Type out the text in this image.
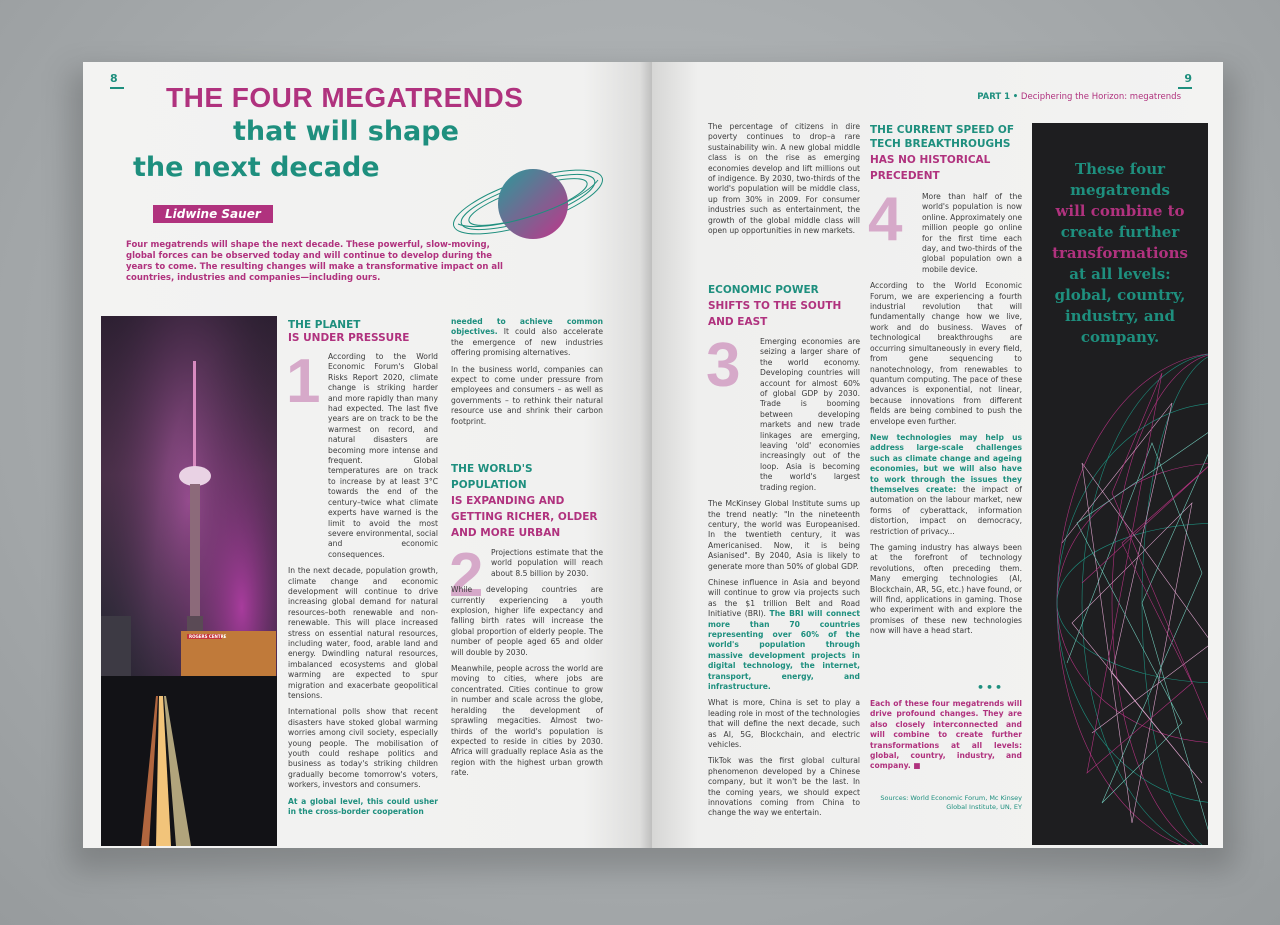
8
THE FOUR MEGATRENDS
that will shape
the next decade
Lidwine Sauer
Four megatrends will shape the next decade. These powerful, slow-moving, global forces can be observed today and will continue to develop during the years to come. The resulting changes will make a transformative impact on all countries, industries and companies—including ours.
ROGERS CENTRE
THE PLANET
IS UNDER PRESSURE
1 According to the World Economic Forum's Global Risks Report 2020, climate change is striking harder and more rapidly than many had expected. The last five years are on track to be the warmest on record, and natural disasters are becoming more intense and frequent. Global temperatures are on track to increase by at least 3°C towards the end of the century–twice what climate experts have warned is the limit to avoid the most severe environmental, social and economic consequences.

In the next decade, population growth, climate change and economic development will continue to drive increasing global demand for natural resources–both renewable and non-renewable. This will place increased stress on essential natural resources, including water, food, arable land and energy. Dwindling natural resources, imbalanced ecosystems and global warming are expected to spur migration and exacerbate geopolitical tensions.

International polls show that recent disasters have stoked global warming worries among civil society, especially young people. The mobilisation of youth could reshape politics and business as today's striking children gradually become tomorrow's voters, workers, investors and consumers.

At a global level, this could usher in the cross-border cooperation

needed to achieve common objectives. It could also accelerate the emergence of new industries offering promising alternatives.

In the business world, companies can expect to come under pressure from employees and consumers – as well as governments – to rethink their natural resource use and shrink their carbon footprint.

THE WORLD'S
POPULATION
IS EXPANDING AND
GETTING RICHER, OLDER
AND MORE URBAN
2 Projections estimate that the world population will reach about 8.5 billion by 2030.

While developing countries are currently experiencing a youth explosion, higher life expectancy and falling birth rates will increase the global proportion of elderly people. The number of people aged 65 and older will double by 2030.

Meanwhile, people across the world are moving to cities, where jobs are concentrated. Cities continue to grow in number and scale across the globe, heralding the development of sprawling megacities. Almost two-thirds of the world's population is expected to reside in cities by 2030. Africa will gradually replace Asia as the region with the highest urban growth rate.

9
PART 1 • Deciphering the Horizon: megatrends

The percentage of citizens in dire poverty continues to drop–a rare sustainability win. A new global middle class is on the rise as emerging economies develop and lift millions out of indigence. By 2030, two-thirds of the world's population will be middle class, up from 30% in 2009. For consumer industries such as entertainment, the growth of the global middle class will open up opportunities in new markets.

ECONOMIC POWER
SHIFTS TO THE SOUTH
AND EAST
3	Emerging economies are seizing a larger share of the world economy. Developing countries will account for almost 60% of global GDP by 2030. Trade is booming between developing markets and new trade linkages are emerging, leaving 'old' economies increasingly out of the loop. Asia is becoming the world's largest trading region.

The McKinsey Global Institute sums up the trend neatly: "In the nineteenth century, the world was Europeanised. In the twentieth century, it was Americanised. Now, it is being Asianised". By 2040, Asia is likely to generate more than 50% of global GDP.

Chinese influence in Asia and beyond will continue to grow via projects such as the $1 trillion Belt and Road Initiative (BRI). The BRI will connect more than 70 countries representing over 60% of the world's population through massive development projects in digital technology, the internet, transport, energy, and infrastructure.

What is more, China is set to play a leading role in most of the technologies that will define the next decade, such as AI, 5G, Blockchain, and electric vehicles.

TikTok was the first global cultural phenomenon developed by a Chinese company, but it won't be the last. In the coming years, we should expect innovations coming from China to change the way we entertain.

THE CURRENT SPEED OF
TECH BREAKTHROUGHS
HAS NO HISTORICAL
PRECEDENT
4	More than half of the world's population is now online. Approximately one million people go online for the first time each day, and two-thirds of the global population own a mobile device.

According to the World Economic Forum, we are experiencing a fourth industrial revolution that will fundamentally change how we live, work and do business. Waves of technological breakthroughs are occurring simultaneously in every field, from gene sequencing to nanotechnology, from renewables to quantum computing. The pace of these advances is exponential, not linear, because innovations from different fields are being combined to push the envelope even further.

New technologies may help us address large-scale challenges such as climate change and ageing economies, but we will also have to work through the issues they themselves create: the impact of automation on the labour market, new forms of cyberattack, information distortion, impact on democracy, restriction of privacy...

The gaming industry has always been at the forefront of technology revolutions, often preceding them. Many emerging technologies (AI, Blockchain, AR, 5G, etc.) have found, or will find, applications in gaming. Those who experiment with and explore the promises of these new technologies now will have a head start.

•••

Each of these four megatrends will drive profound changes. They are also closely interconnected and will combine to create further transformations at all levels: global, country, industry, and company. ■

Sources: World Economic Forum, Mc Kinsey Global Institute, UN, EY
These four
megatrends
will combine to
create further
transformations
at all levels:
global, country,
industry, and
company.
